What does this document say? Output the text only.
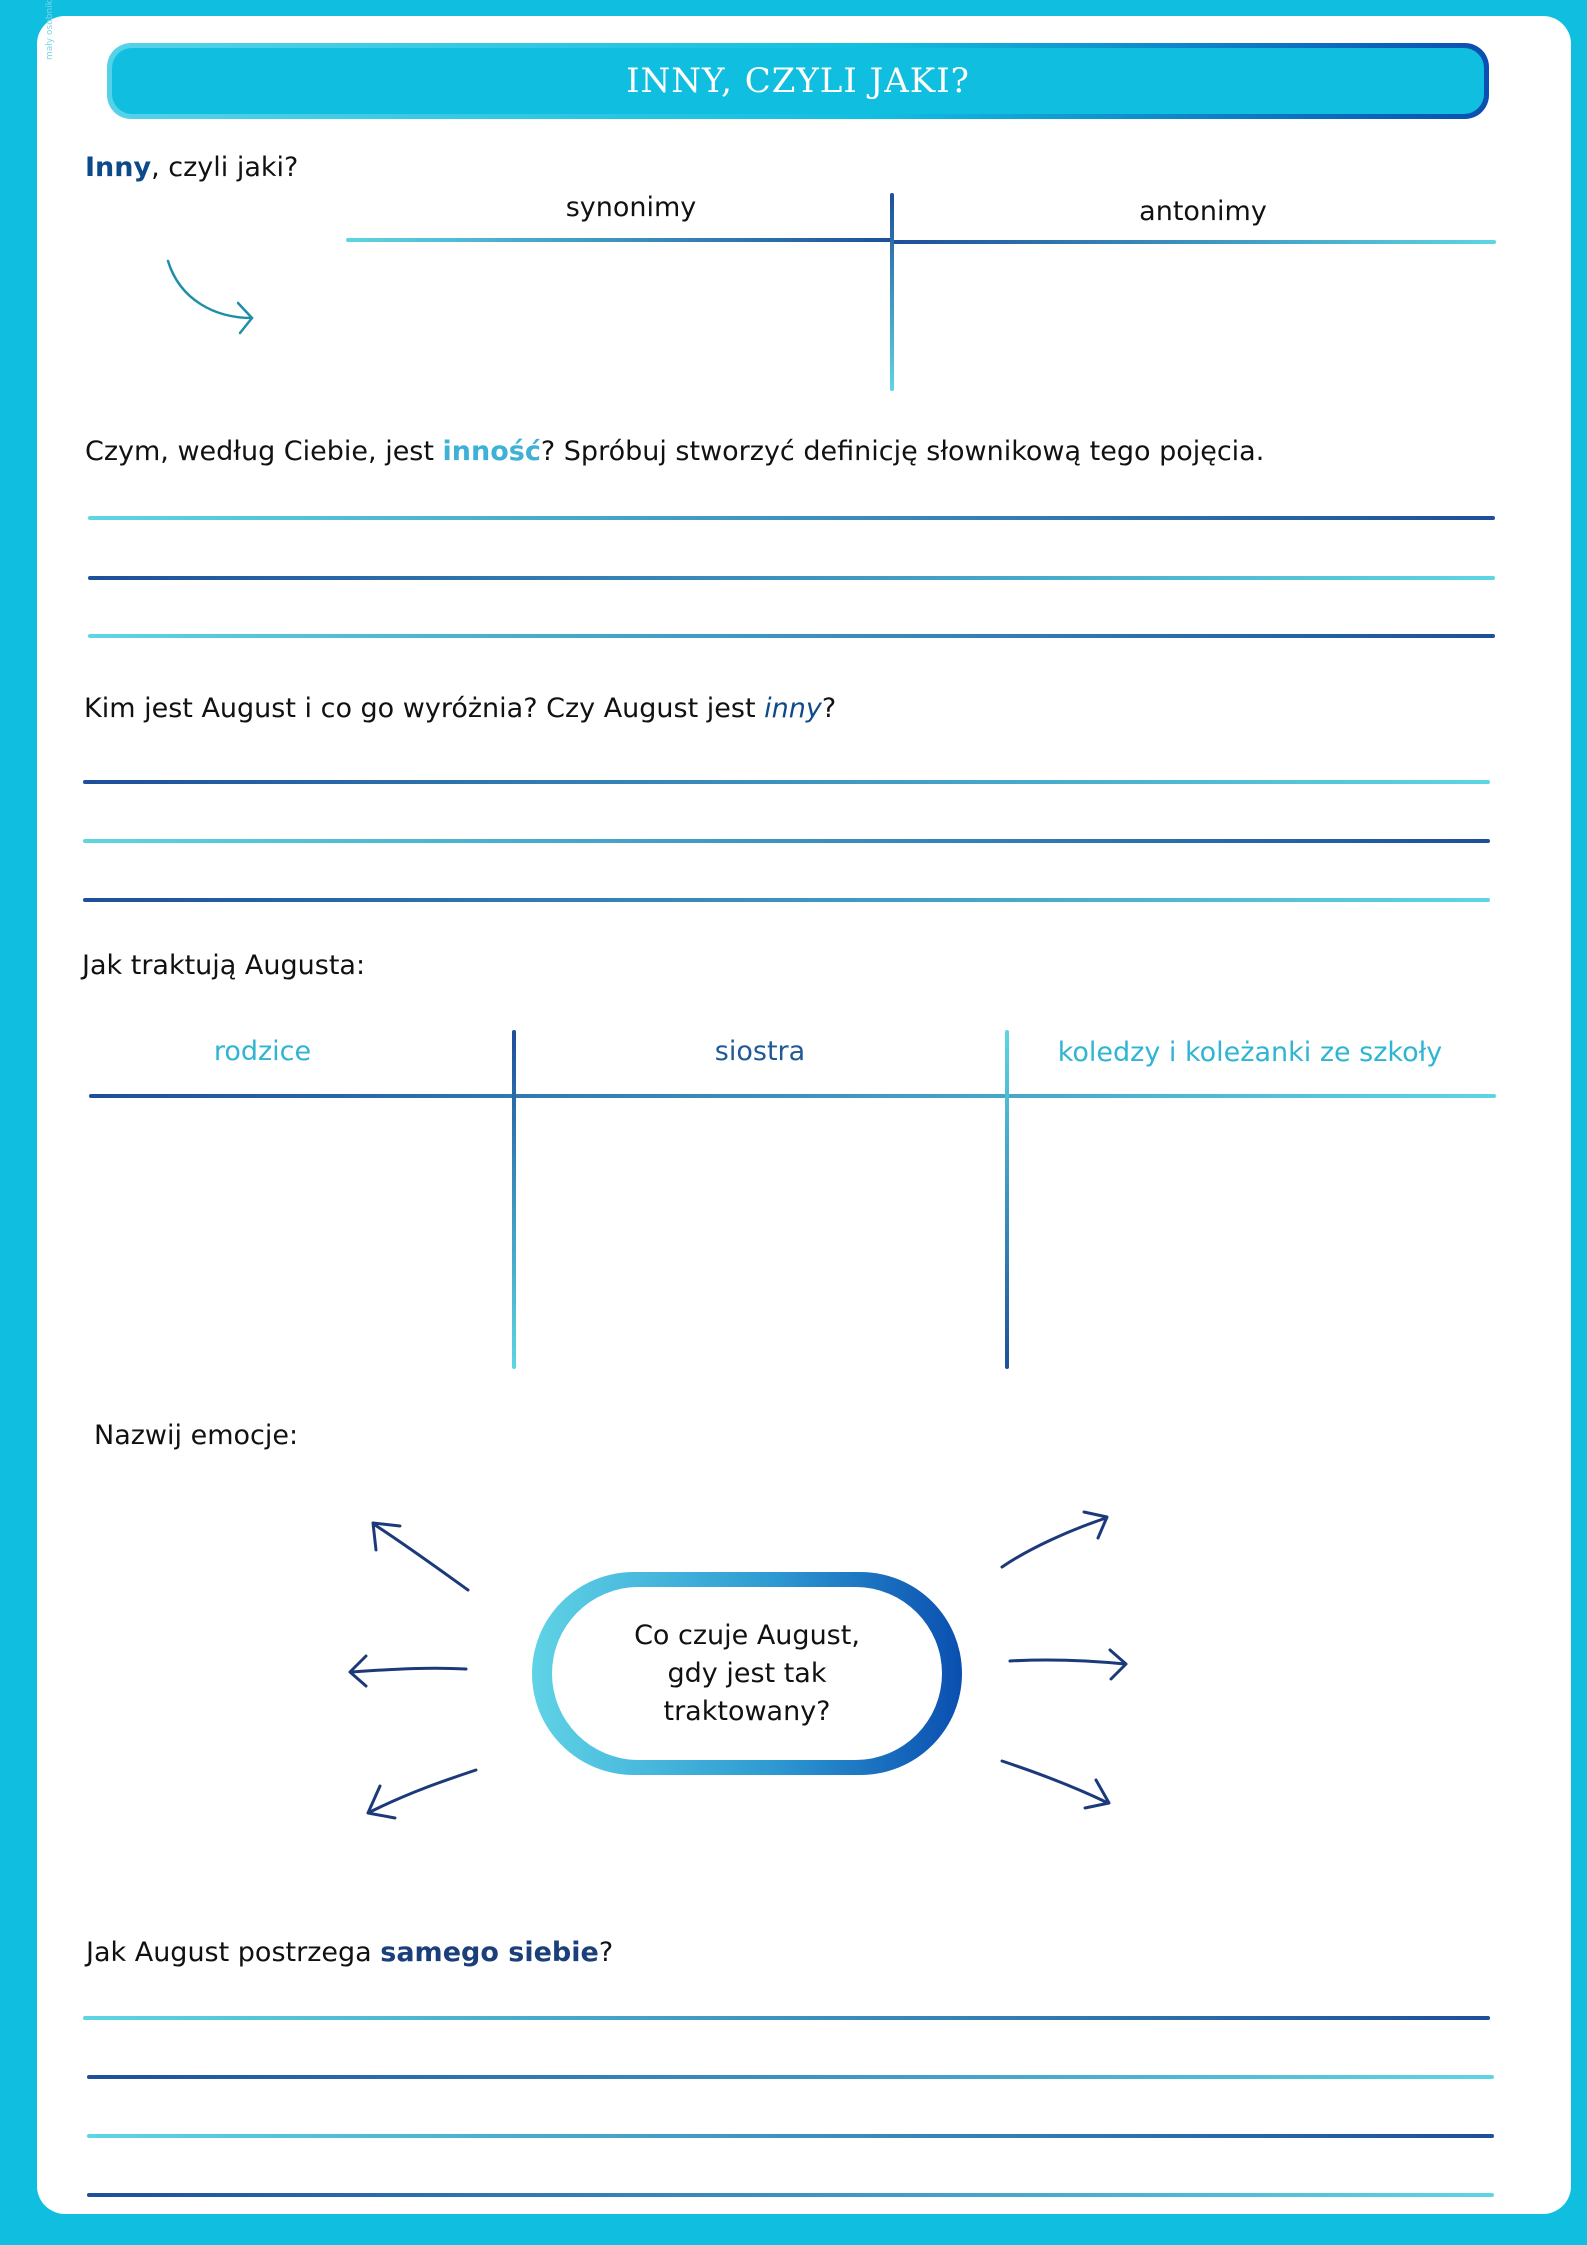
mały osobnik
INNY, CZYLI JAKI?
Inny, czyli jaki?
synonimy	antonimy
Czym, według Ciebie, jest inność? Spróbuj stworzyć definicję słownikową tego pojęcia.
Kim jest August i co go wyróżnia? Czy August jest inny?
Jak traktują Augusta:
rodzice	siostra	koledzy i koleżanki ze szkoły
Nazwij emocje:
Co czuje August, gdy jest tak traktowany?
Jak August postrzega samego siebie?
